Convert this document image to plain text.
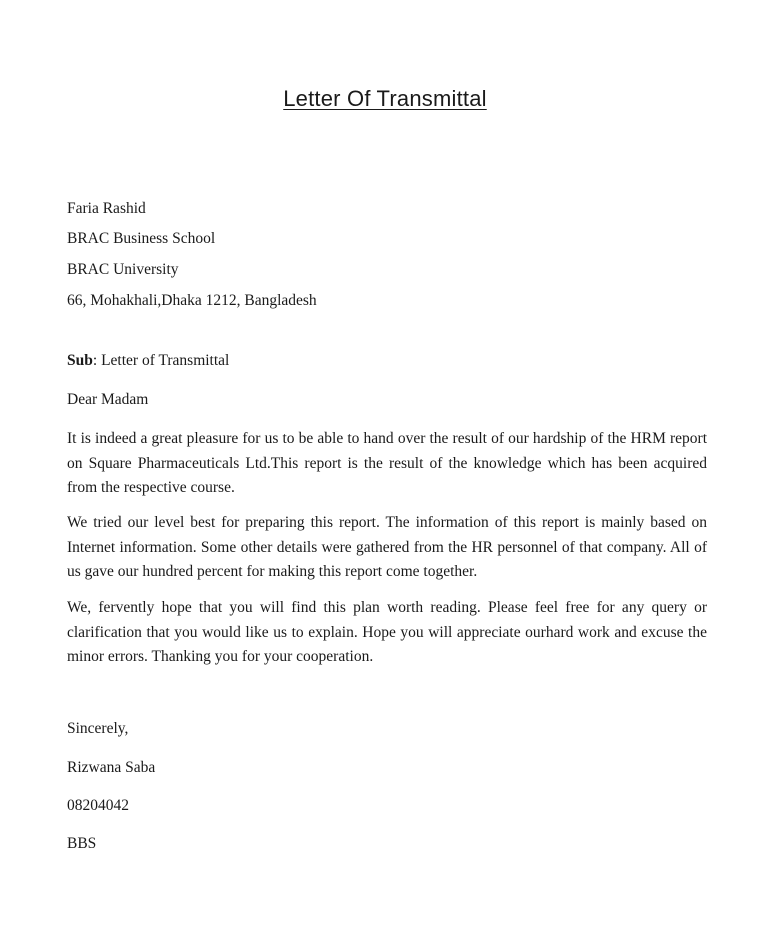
Letter Of Transmittal

Faria Rashid

BRAC Business School

BRAC University

66, Mohakhali,Dhaka 1212, Bangladesh

Sub: Letter of Transmittal

Dear Madam

It is indeed a great pleasure for us to be able to hand over the result of our hardship of the HRM report on Square Pharmaceuticals Ltd.This report is the result of the knowledge which has been acquired from the respective course.

We tried our level best for preparing this report. The information of this report is mainly based on Internet information. Some other details were gathered from the HR personnel of that company. All of us gave our hundred percent for making this report come together.

We, fervently hope that you will find this plan worth reading. Please feel free for any query or clarification that you would like us to explain. Hope you will appreciate ourhard work and excuse the minor errors. Thanking you for your cooperation.

Sincerely,

Rizwana Saba

08204042

BBS
